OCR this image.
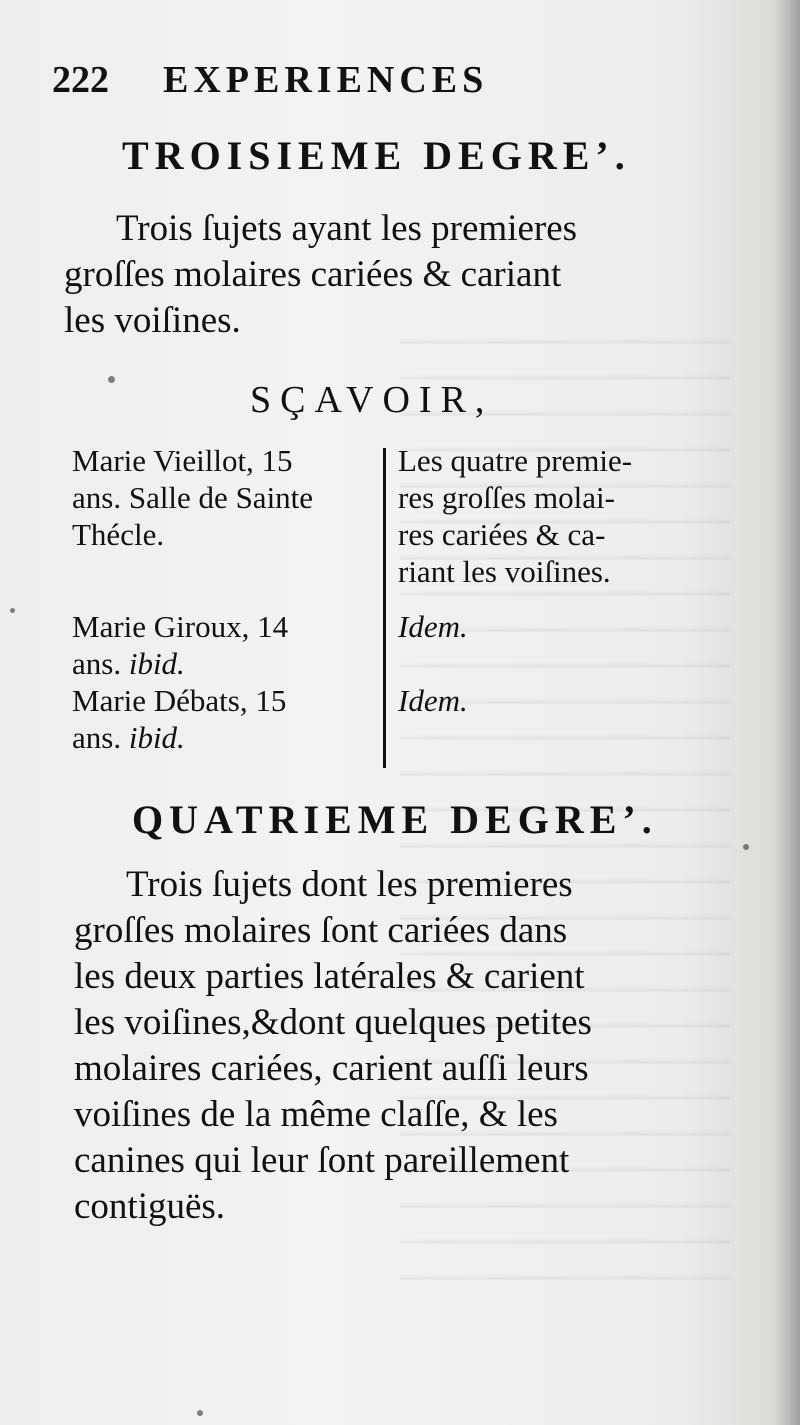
222 EXPERIENCES
TROISIEME DEGRE’.
Trois ſujets ayant les premieres
groſſes molaires cariées & cariant
les voiſines.
SÇAVOIR,
Marie Vieillot, 15
ans. Salle de Sainte
Thécle.
Les quatre premie-
res groſſes molai-
res cariées & ca-
riant les voiſines.
Marie Giroux, 14
ans. ibid.
Idem.
Marie Débats, 15
ans. ibid.
Idem.
QUATRIEME DEGRE’.
Trois ſujets dont les premieres
groſſes molaires ſont cariées dans
les deux parties latérales & carient
les voiſines,&dont quelques petites
molaires cariées, carient auſſi leurs
voiſines de la même claſſe, & les
canines qui leur ſont pareillement
contiguës.
